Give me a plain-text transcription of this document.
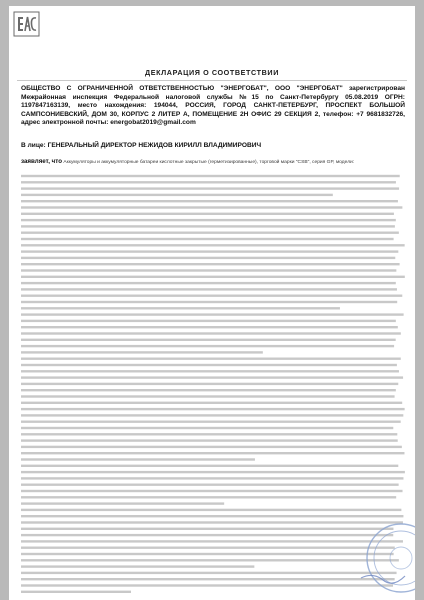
ДЕКЛАРАЦИЯ О СООТВЕТСТВИИ

ОБЩЕСТВО С ОГРАНИЧЕННОЙ ОТВЕТСТВЕННОСТЬЮ "ЭНЕРГОБАТ", ООО "ЭНЕРГОБАТ" зарегистрирован Межрайонная инспекция Федеральной налоговой службы №15 по Санкт-Петербургу 05.08.2019 ОГРН: 1197847163139, место нахождения: 194044, РОССИЯ, ГОРОД САНКТ-ПЕТЕРБУРГ, ПРОСПЕКТ БОЛЬШОЙ САМПСОНИЕВСКИЙ, ДОМ 30, КОРПУС 2 ЛИТЕР А, ПОМЕЩЕНИЕ 2Н ОФИС 29 СЕКЦИЯ 2, телефон: +7 9681832726, адрес электронной почты: energobat2019@gmail.com

В лице: ГЕНЕРАЛЬНЫЙ ДИРЕКТОР НЕЖИДОВ КИРИЛЛ ВЛАДИМИРОВИЧ

заявляет, что Аккумуляторы и аккумуляторные батареи кислотные закрытые (герметизированные), торговой марки "CSB", серия GP, модели:
